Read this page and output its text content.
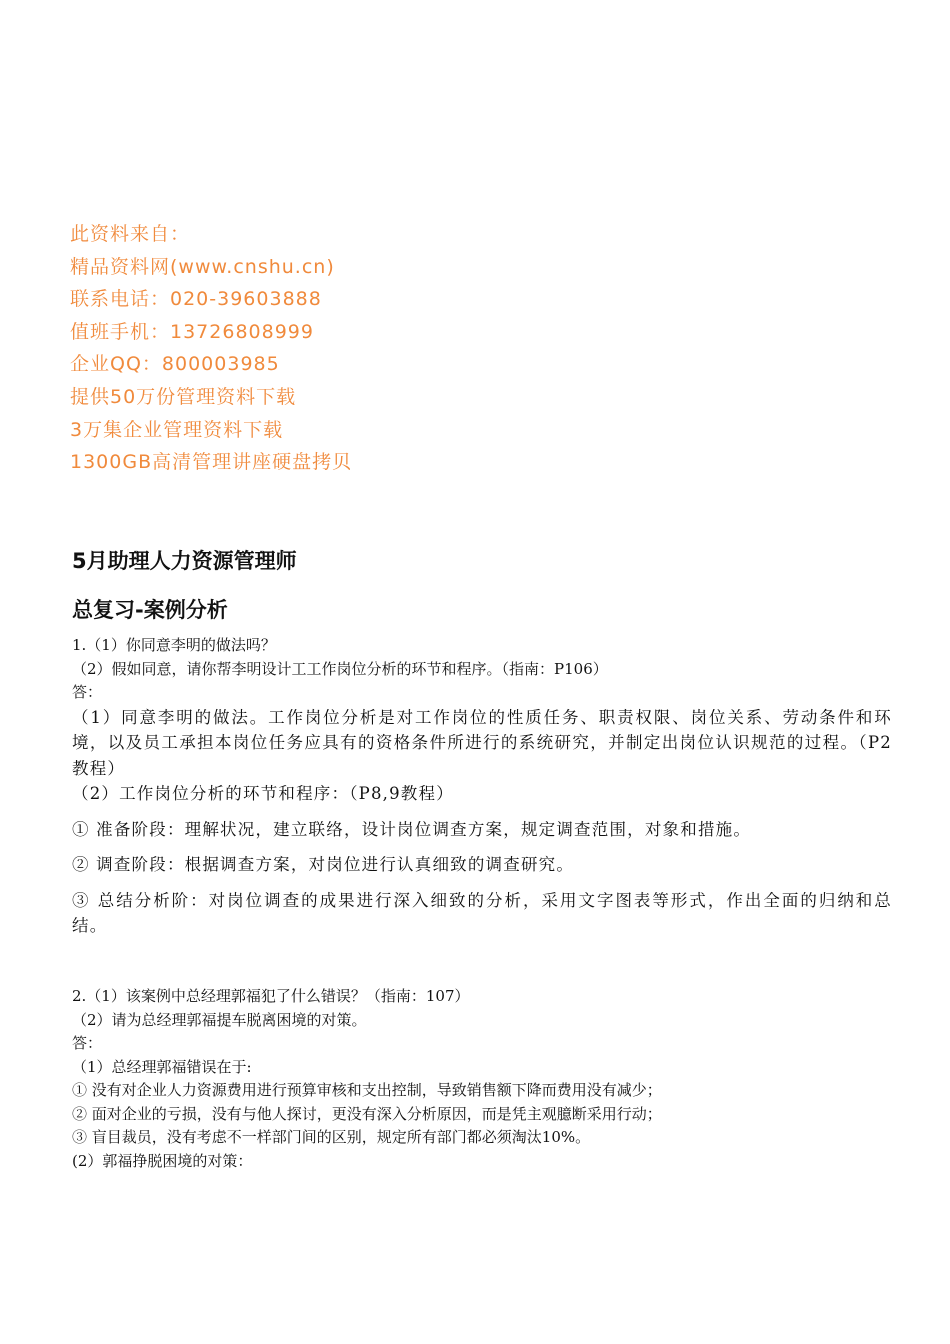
此资料来自：
精品资料网(www.cnshu.cn)
联系电话：020-39603888
值班手机：13726808999
企业QQ：800003985
提供50万份管理资料下载
3万集企业管理资料下载
1300GB高清管理讲座硬盘拷贝
5月助理人力资源管理师
总复习-案例分析
1.（1）你同意李明的做法吗？
（2）假如同意，请你帮李明设计工工作岗位分析的环节和程序。（指南：P106）
答：
（1）同意李明的做法。工作岗位分析是对工作岗位的性质任务、职责权限、岗位关系、劳动条件和环境，以及员工承担本岗位任务应具有的资格条件所进行的系统研究，并制定出岗位认识规范的过程。（P2教程）
（2）工作岗位分析的环节和程序：（P8,9教程）
① 准备阶段：理解状况，建立联络，设计岗位调查方案，规定调查范围，对象和措施。
② 调查阶段：根据调查方案，对岗位进行认真细致的调查研究。
③ 总结分析阶：对岗位调查的成果进行深入细致的分析，采用文字图表等形式，作出全面的归纳和总结。
2.（1）该案例中总经理郭福犯了什么错误？（指南：107）
（2）请为总经理郭福提车脱离困境的对策。
答：
（1）总经理郭福错误在于:
① 没有对企业人力资源费用进行预算审核和支出控制，导致销售额下降而费用没有减少；
② 面对企业的亏损，没有与他人探讨，更没有深入分析原因，而是凭主观臆断采用行动；
③ 盲目裁员，没有考虑不一样部门间的区别，规定所有部门都必须淘汰10%。
(2）郭福挣脱困境的对策：
